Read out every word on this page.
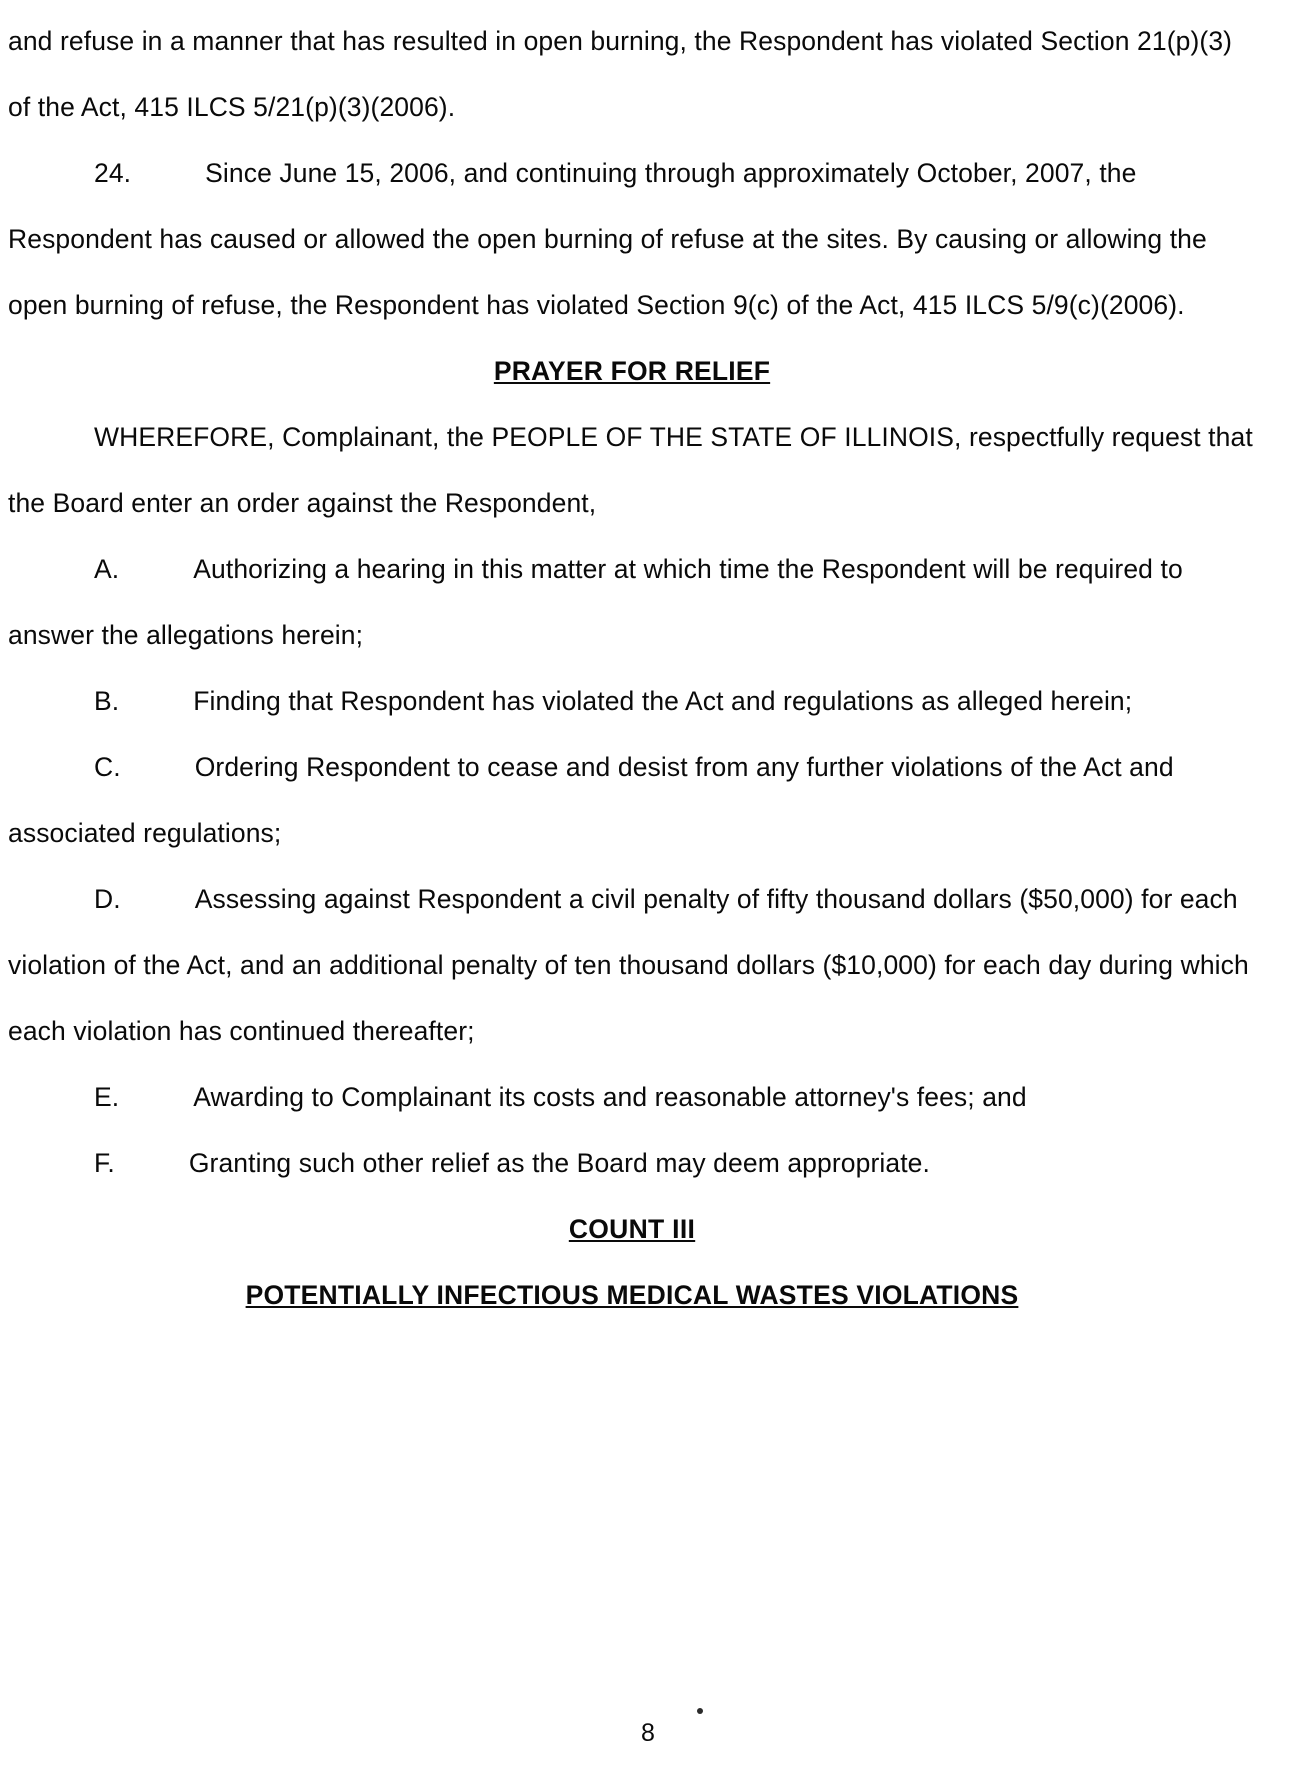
and refuse in a manner that has resulted in open burning, the Respondent has violated Section 21(p)(3) of the Act, 415 ILCS 5/21(p)(3)(2006).

24.	Since June 15, 2006, and continuing through approximately October, 2007, the Respondent has caused or allowed the open burning of refuse at the sites. By causing or allowing the open burning of refuse, the Respondent has violated Section 9(c) of the Act, 415 ILCS 5/9(c)(2006).

PRAYER FOR RELIEF

WHEREFORE, Complainant, the PEOPLE OF THE STATE OF ILLINOIS, respectfully request that the Board enter an order against the Respondent,

A.	Authorizing a hearing in this matter at which time the Respondent will be required to answer the allegations herein;

B.	Finding that Respondent has violated the Act and regulations as alleged herein;

C.	Ordering Respondent to cease and desist from any further violations of the Act and associated regulations;

D.	Assessing against Respondent a civil penalty of fifty thousand dollars ($50,000) for each violation of the Act, and an additional penalty of ten thousand dollars ($10,000) for each day during which each violation has continued thereafter;

E.	Awarding to Complainant its costs and reasonable attorney's fees; and

F.	Granting such other relief as the Board may deem appropriate.

COUNT III
POTENTIALLY INFECTIOUS MEDICAL WASTES VIOLATIONS
8
